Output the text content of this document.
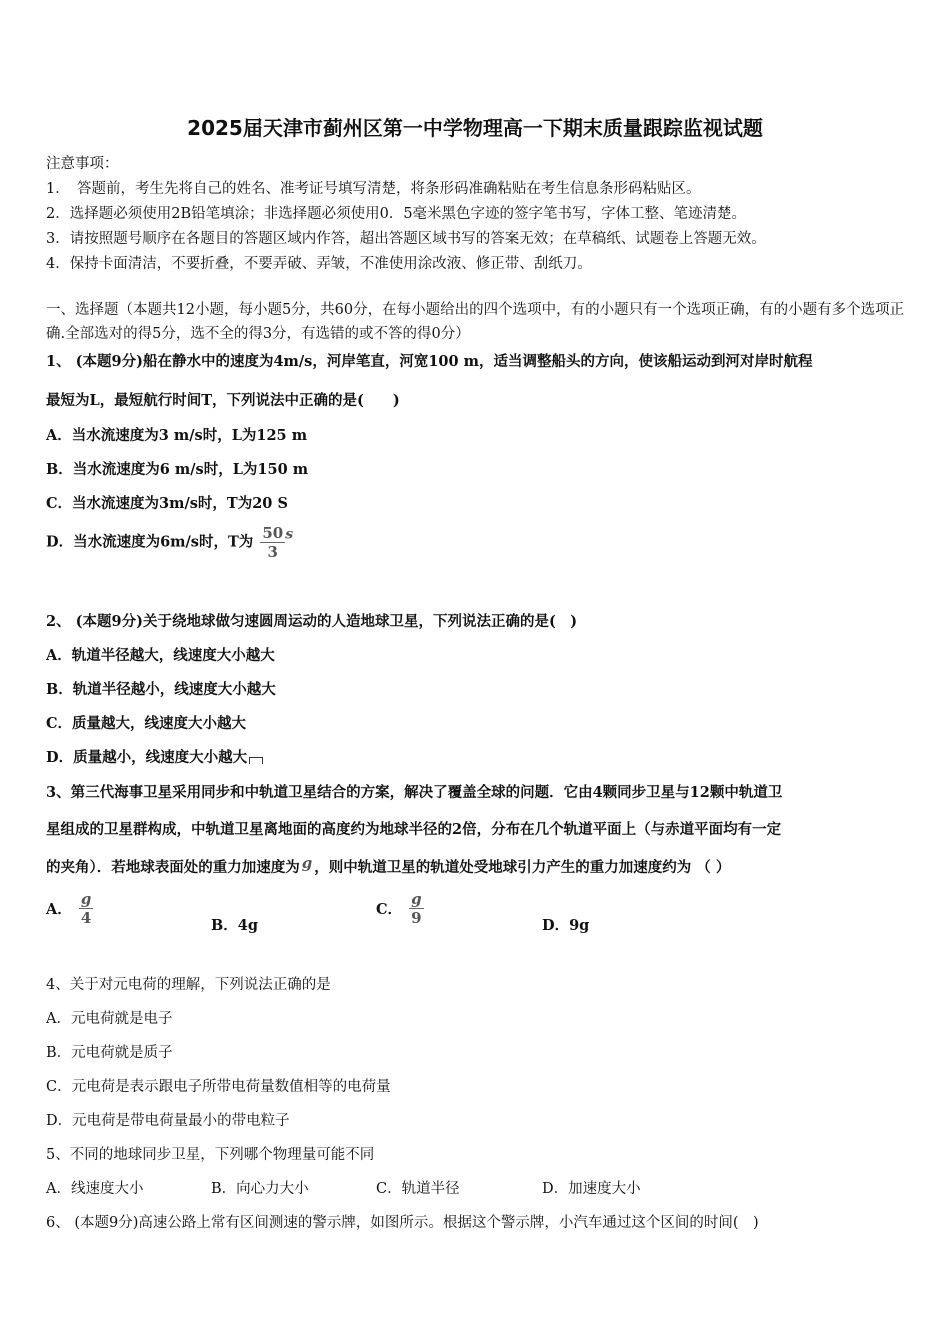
2025届天津市蓟州区第一中学物理高一下期末质量跟踪监视试题
注意事项：
1．　答题前，考生先将自己的姓名、准考证号填写清楚，将条形码准确粘贴在考生信息条形码粘贴区。
2．选择题必须使用2B铅笔填涂；非选择题必须使用0．5毫米黑色字迹的签字笔书写，字体工整、笔迹清楚。
3．请按照题号顺序在各题目的答题区域内作答，超出答题区域书写的答案无效；在草稿纸、试题卷上答题无效。
4．保持卡面清洁，不要折叠，不要弄破、弄皱，不准使用涂改液、修正带、刮纸刀。
一、选择题（本题共12小题，每小题5分，共60分，在每小题给出的四个选项中，有的小题只有一个选项正确，有的小题有多个选项正确.全部选对的得5分，选不全的得3分，有选错的或不答的得0分）
1、 (本题9分)船在静水中的速度为4m/s，河岸笔直，河宽100 m，适当调整船头的方向，使该船运动到河对岸时航程
最短为L，最短航行时间T，下列说法中正确的是(　　)
A．当水流速度为3 m/s时，L为125 m
B．当水流速度为6 m/s时，L为150 m
C．当水流速度为3m/s时，T为20 S
D．当水流速度为6m/s时，T为 $\frac{50}{3}$ s
2、 (本题9分)关于绕地球做匀速圆周运动的人造地球卫星，下列说法正确的是(　)
A．轨道半径越大，线速度大小越大
B．轨道半径越小，线速度大小越大
C．质量越大，线速度大小越大
D．质量越小，线速度大小越大
3、第三代海事卫星采用同步和中轨道卫星结合的方案，解决了覆盖全球的问题．它由4颗同步卫星与12颗中轨道卫
星组成的卫星群构成，中轨道卫星离地面的高度约为地球半径的2倍，分布在几个轨道平面上（与赤道平面均有一定
的夹角）．若地球表面处的重力加速度为 g ，则中轨道卫星的轨道处受地球引力产生的重力加速度约为 （ ）
A． $\frac{g}{4}$	B．4g
C． $\frac{g}{9}$	D．9g
4、关于对元电荷的理解，下列说法正确的是
A．元电荷就是电子
B．元电荷就是质子
C．元电荷是表示跟电子所带电荷量数值相等的电荷量
D．元电荷是带电荷量最小的带电粒子
5、不同的地球同步卫星，下列哪个物理量可能不同
A．线速度大小	B．向心力大小	C．轨道半径	D．加速度大小
6、 (本题9分)高速公路上常有区间测速的警示牌，如图所示。根据这个警示牌，小汽车通过这个区间的时间(　)
